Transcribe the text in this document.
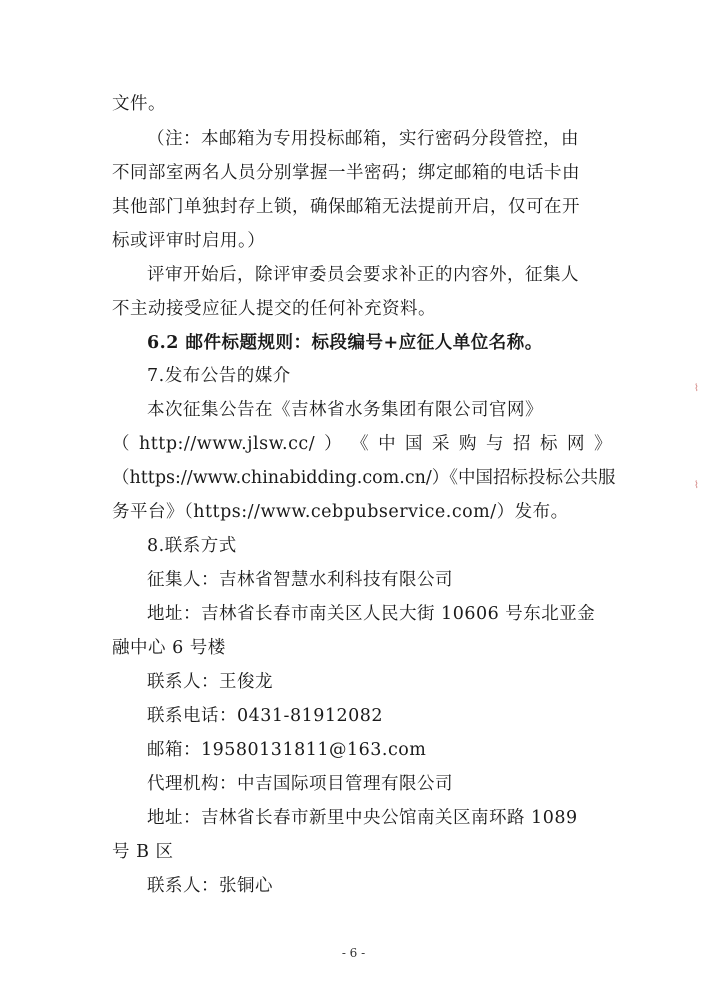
文件。
（注：本邮箱为专用投标邮箱，实行密码分段管控，由
不同部室两名人员分别掌握一半密码；绑定邮箱的电话卡由
其他部门单独封存上锁，确保邮箱无法提前开启，仅可在开
标或评审时启用。）
评审开始后，除评审委员会要求补正的内容外，征集人
不主动接受应征人提交的任何补充资料。
6.2 邮件标题规则：标段编号+应征人单位名称。
7.发布公告的媒介
本次征集公告在《吉林省水务集团有限公司官网》
（ http://www.jlsw.cc/ ） 《 中 国 采 购 与 招 标 网 》
（https://www.chinabidding.com.cn/）《中国招标投标公共服
务平台》（https://www.cebpubservice.com/）发布。
8.联系方式
征集人：吉林省智慧水利科技有限公司
地址：吉林省长春市南关区人民大街 10606 号东北亚金
融中心 6 号楼
联系人：王俊龙
联系电话：0431-81912082
邮箱：19580131811@163.com
代理机构：中吉国际项目管理有限公司
地址：吉林省长春市新里中央公馆南关区南环路 1089
号 B 区
联系人：张铜心
- 6 -
⌇
⌇
